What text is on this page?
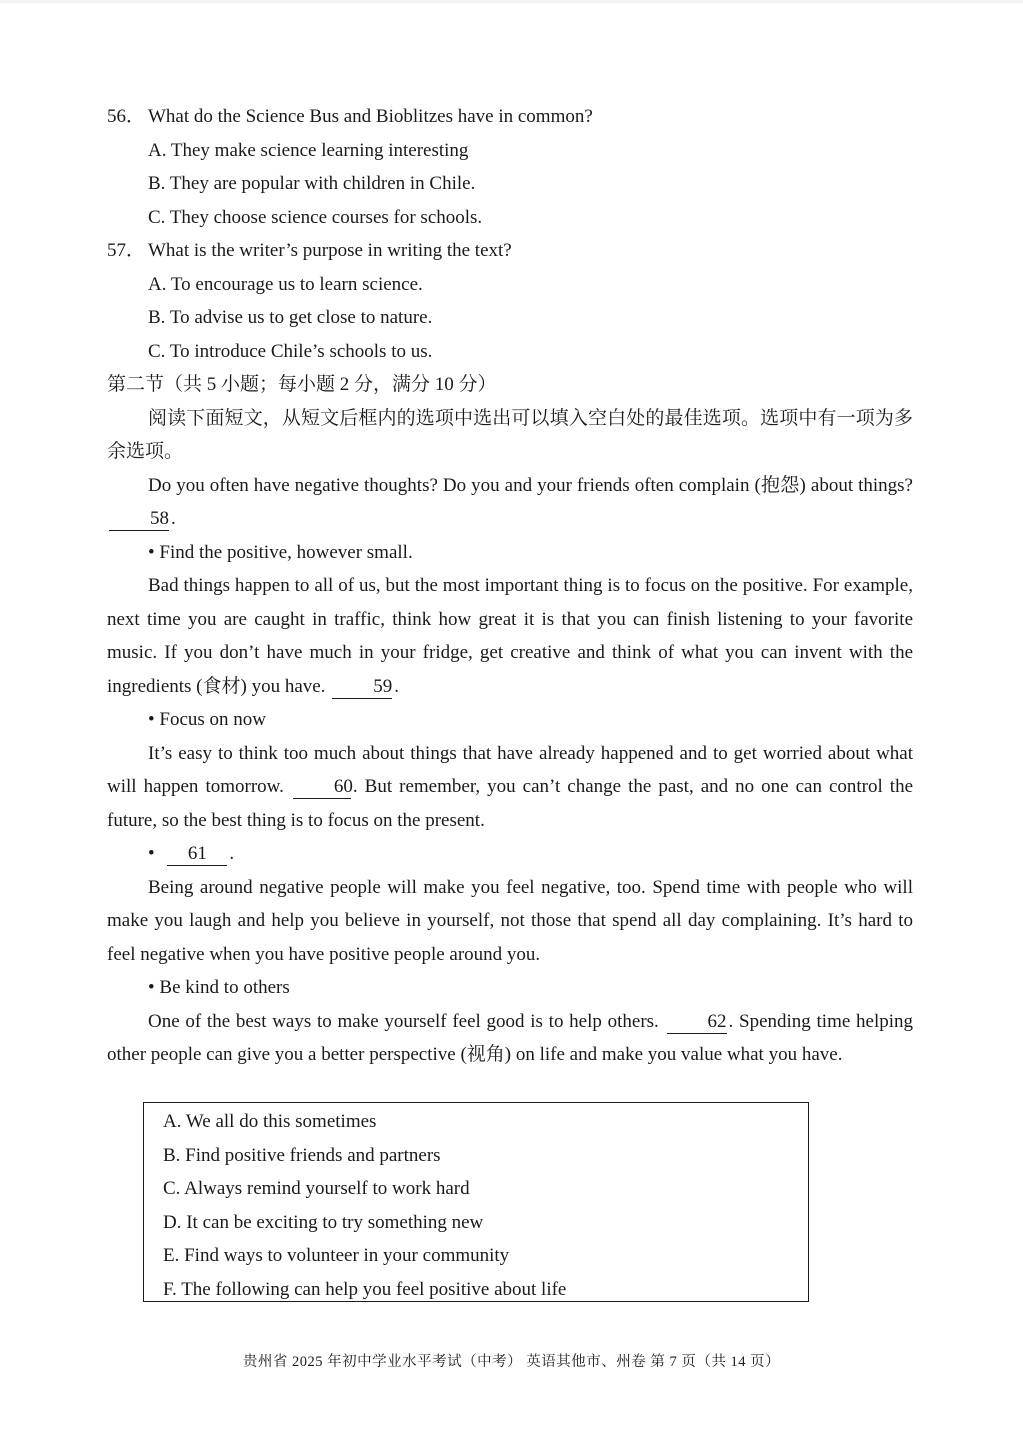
56． What do the Science Bus and Bioblitzes have in common?
A. They make science learning interesting
B. They are popular with children in Chile.
C. They choose science courses for schools.
57． What is the writer’s purpose in writing the text?
A. To encourage us to learn science.
B. To advise us to get close to nature.
C. To introduce Chile’s schools to us.
第二节（共 5 小题；每小题 2 分，满分 10 分）
阅读下面短文，从短文后框内的选项中选出可以填入空白处的最佳选项。选项中有一项为多余选项。
Do you often have negative thoughts? Do you and your friends often complain (抱怨) about things? 58 .
• Find the positive, however small.
Bad things happen to all of us, but the most important thing is to focus on the positive. For example, next time you are caught in traffic, think how great it is that you can finish listening to your favorite music. If you don’t have much in your fridge, get creative and think of what you can invent with the ingredients (食材) you have.	59 .
• Focus on now
It’s easy to think too much about things that have already happened and to get worried about what will happen tomorrow.	60. But remember, you can’t change the past, and no one can control the future, so the best thing is to focus on the present.
• 61 .
Being around negative people will make you feel negative, too. Spend time with people who will make you laugh and help you believe in yourself, not those that spend all day complaining. It’s hard to feel negative when you have positive people around you.
• Be kind to others
One of the best ways to make yourself feel good is to help others.	62 . Spending time helping other people can give you a better perspective (视角) on life and make you value what you have.
A. We all do this sometimes
B. Find positive friends and partners
C. Always remind yourself to work hard
D. It can be exciting to try something new
E. Find ways to volunteer in your community
F. The following can help you feel positive about life
贵州省 2025 年初中学业水平考试（中考） 英语其他市、州卷 第 7 页（共 14 页）
